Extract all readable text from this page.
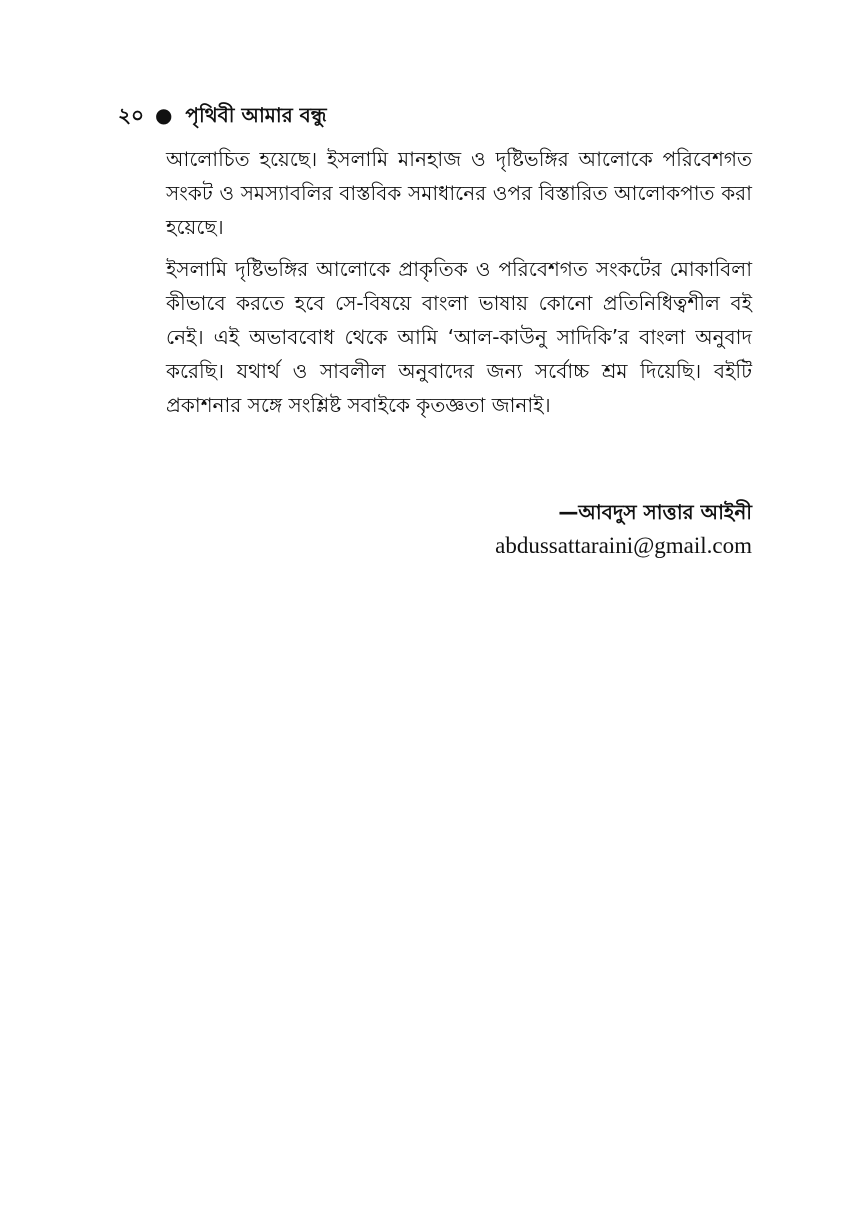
২০ ● পৃথিবী আমার বন্ধু

আলোচিত হয়েছে। ইসলামি মানহাজ ও দৃষ্টিভঙ্গির আলোকে পরিবেশগত সংকট ও সমস্যাবলির বাস্তবিক সমাধানের ওপর বিস্তারিত আলোকপাত করা হয়েছে।

ইসলামি দৃষ্টিভঙ্গির আলোকে প্রাকৃতিক ও পরিবেশগত সংকটের মোকাবিলা কীভাবে করতে হবে সে-বিষয়ে বাংলা ভাষায় কোনো প্রতিনিধিত্বশীল বই নেই। এই অভাববোধ থেকে আমি ‘আল-কাউনু সাদিকি’র বাংলা অনুবাদ করেছি। যথার্থ ও সাবলীল অনুবাদের জন্য সর্বোচ্চ শ্রম দিয়েছি। বইটি প্রকাশনার সঙ্গে সংশ্লিষ্ট সবাইকে কৃতজ্ঞতা জানাই।

—আবদুস সাত্তার আইনী
abdussattaraini@gmail.com
